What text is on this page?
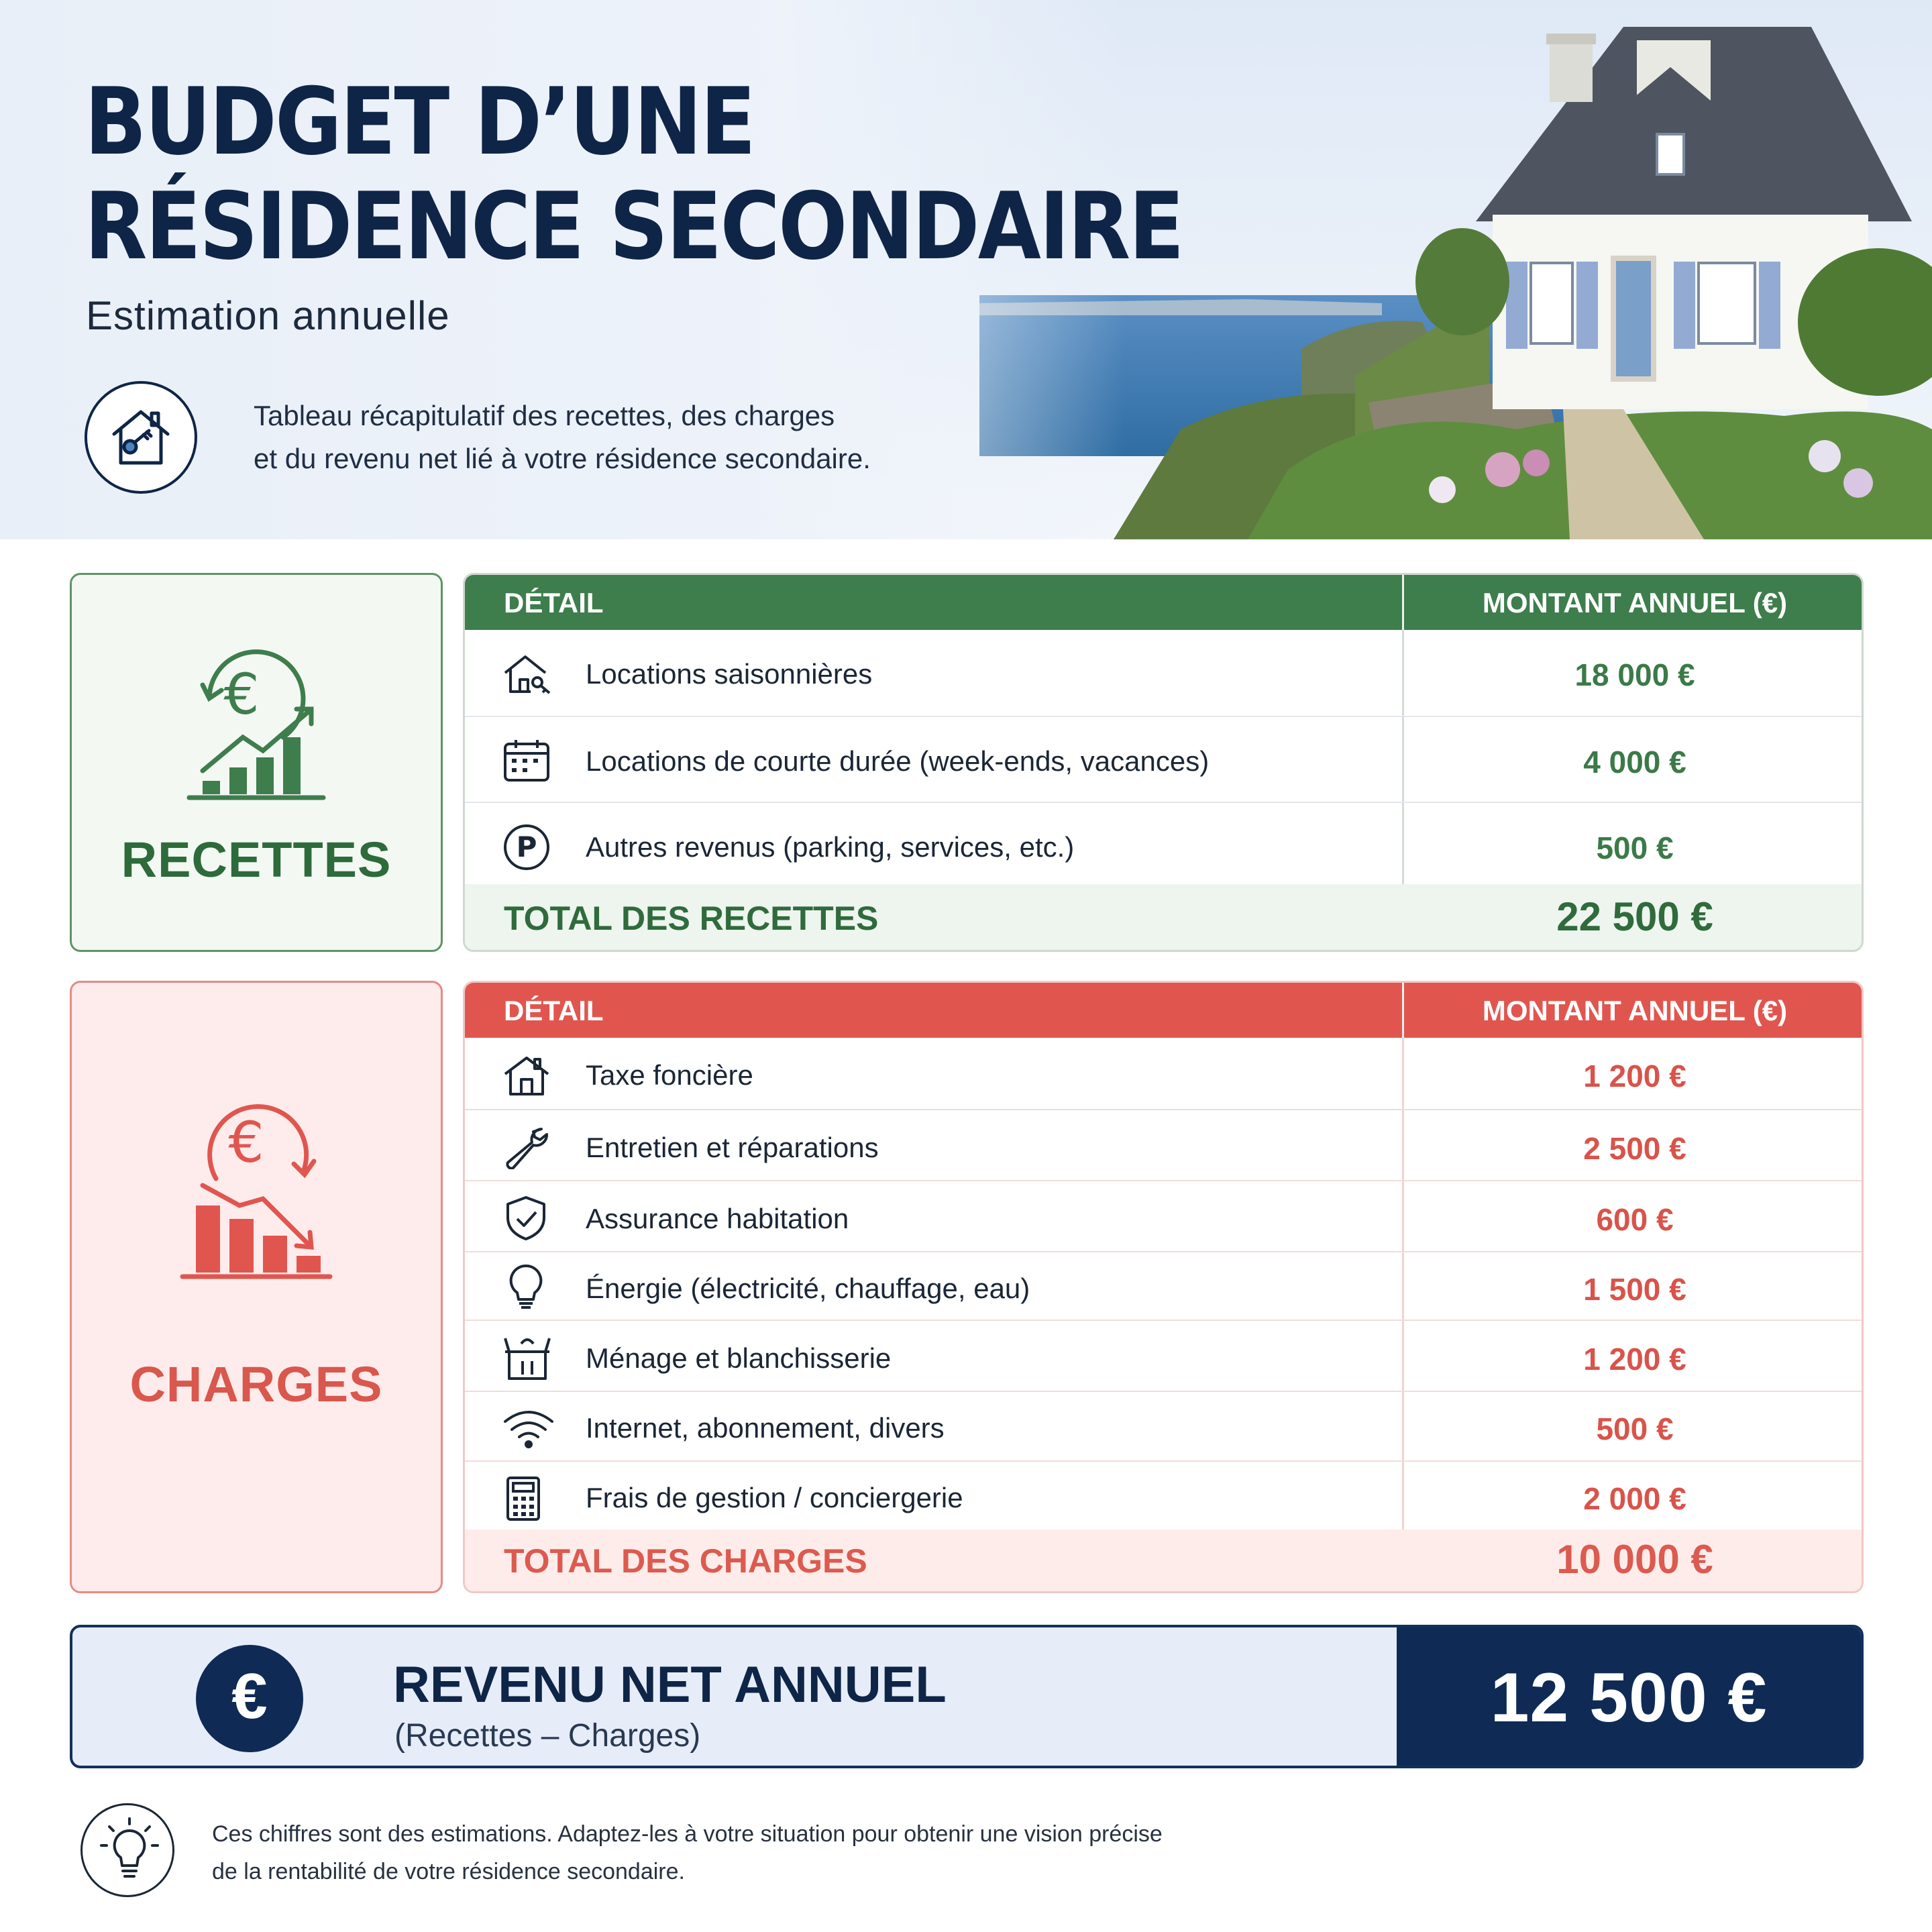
BUDGET D’UNE
RÉSIDENCE SECONDAIRE
Estimation annuelle
Tableau récapitulatif des recettes, des charges
et du revenu net lié à votre résidence secondaire.
€
RECETTES
DÉTAIL	MONTANT ANNUEL (€)
Locations saisonnières	18 000 €
Locations de courte durée (week-ends, vacances)	4 000 €
P Autres revenus (parking, services, etc.)	500 €
TOTAL DES RECETTES	22 500 €
€
CHARGES
DÉTAIL	MONTANT ANNUEL (€)
Taxe foncière	1 200 €
Entretien et réparations	2 500 €
Assurance habitation	600 €
Énergie (électricité, chauffage, eau)	1 500 €
Ménage et blanchisserie	1 200 €
Internet, abonnement, divers	500 €
Frais de gestion / conciergerie	2 000 €
TOTAL DES CHARGES	10 000 €
€	REVENU NET ANNUEL
(Recettes – Charges)	12 500 €
Ces chiffres sont des estimations. Adaptez-les à votre situation pour obtenir une vision précise
de la rentabilité de votre résidence secondaire.
